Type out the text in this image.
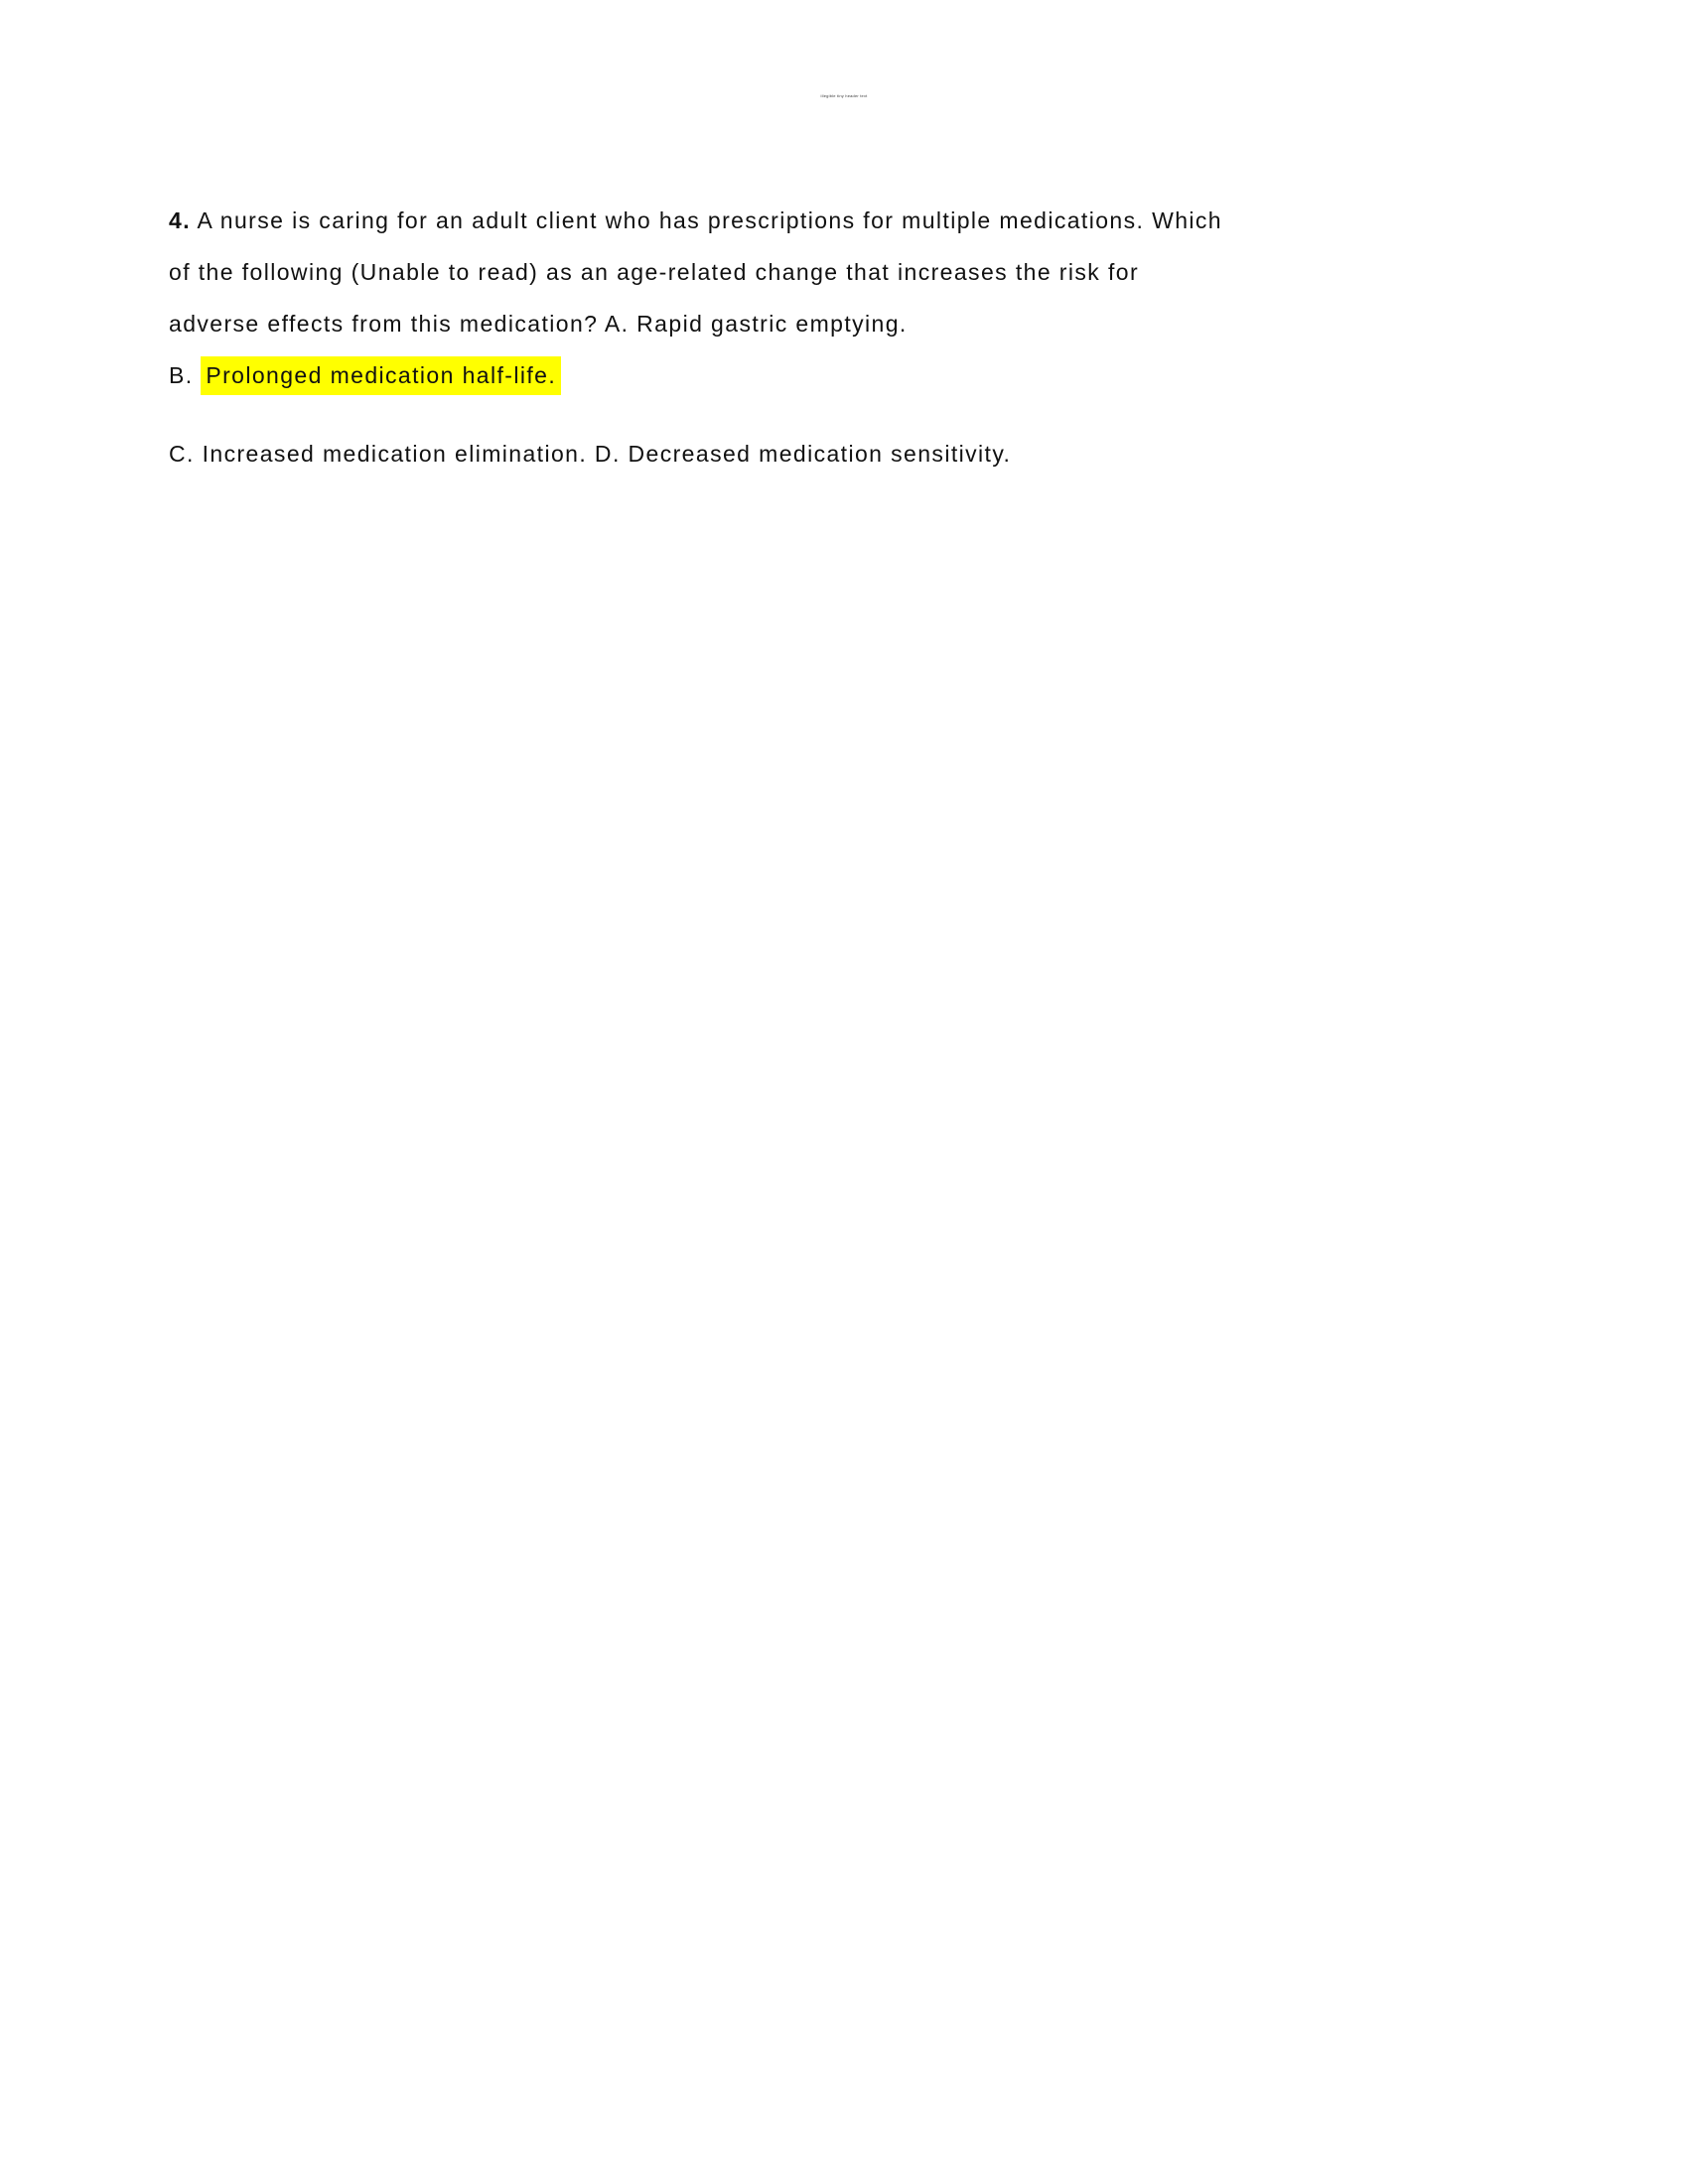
illegible tiny header text
4. A nurse is caring for an adult client who has prescriptions for multiple medications. Which
of the following (Unable to read) as an age-related change that increases the risk for
adverse effects from this medication? A. Rapid gastric emptying.
B. Prolonged medication half-life.
C. Increased medication elimination. D. Decreased medication sensitivity.
